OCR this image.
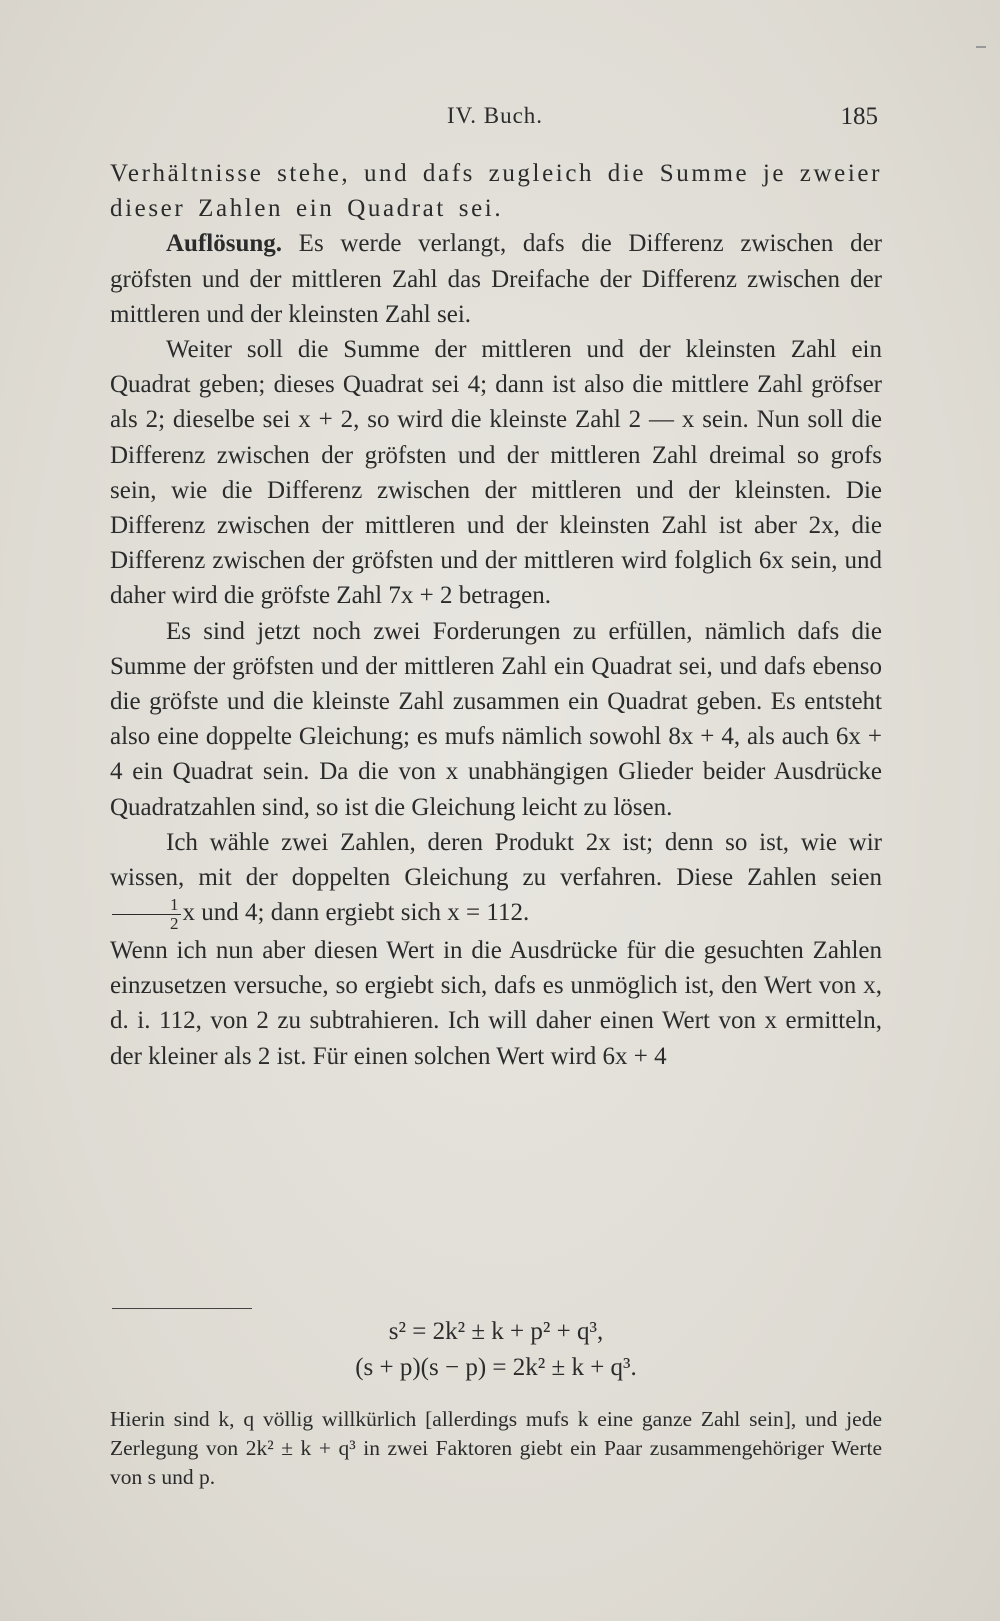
IV. Buch.	185

Verhältnisse stehe, und dafs zugleich die Summe je zweier dieser Zahlen ein Quadrat sei.

Auflösung. Es werde verlangt, dafs die Differenz zwischen der gröfsten und der mittleren Zahl das Dreifache der Differenz zwischen der mittleren und der kleinsten Zahl sei.

Weiter soll die Summe der mittleren und der kleinsten Zahl ein Quadrat geben; dieses Quadrat sei 4; dann ist also die mittlere Zahl gröfser als 2; dieselbe sei x + 2, so wird die kleinste Zahl 2 — x sein. Nun soll die Differenz zwischen der gröfsten und der mittleren Zahl dreimal so grofs sein, wie die Differenz zwischen der mittleren und der kleinsten. Die Differenz zwischen der mittleren und der kleinsten Zahl ist aber 2x, die Differenz zwischen der gröfsten und der mittleren wird folglich 6x sein, und daher wird die gröfste Zahl 7x + 2 betragen.

Es sind jetzt noch zwei Forderungen zu erfüllen, nämlich dafs die Summe der gröfsten und der mittleren Zahl ein Quadrat sei, und dafs ebenso die gröfste und die kleinste Zahl zusammen ein Quadrat geben. Es entsteht also eine doppelte Gleichung; es mufs nämlich sowohl 8x + 4, als auch 6x + 4 ein Quadrat sein. Da die von x unabhängigen Glieder beider Ausdrücke Quadratzahlen sind, so ist die Gleichung leicht zu lösen.

Ich wähle zwei Zahlen, deren Produkt 2x ist; denn so ist, wie wir wissen, mit der doppelten Gleichung zu verfahren. Diese Zahlen seien
$\frac{1}{2}$ x und 4; dann ergiebt sich x = 112.

Wenn ich nun aber diesen Wert in die Ausdrücke für die gesuchten Zahlen einzusetzen versuche, so ergiebt sich, dafs es unmöglich ist, den Wert von x, d. i. 112, von 2 zu subtrahieren. Ich will daher einen Wert von x ermitteln, der kleiner als 2 ist. Für einen solchen Wert wird 6x + 4

s² = 2k² ± k + p² + q³,

(s + p)(s − p) = 2k² ± k + q³.

Hierin sind k, q völlig willkürlich [allerdings mufs k eine ganze Zahl sein], und jede Zerlegung von 2k² ± k + q³ in zwei Faktoren giebt ein Paar zusammengehöriger Werte von s und p.
